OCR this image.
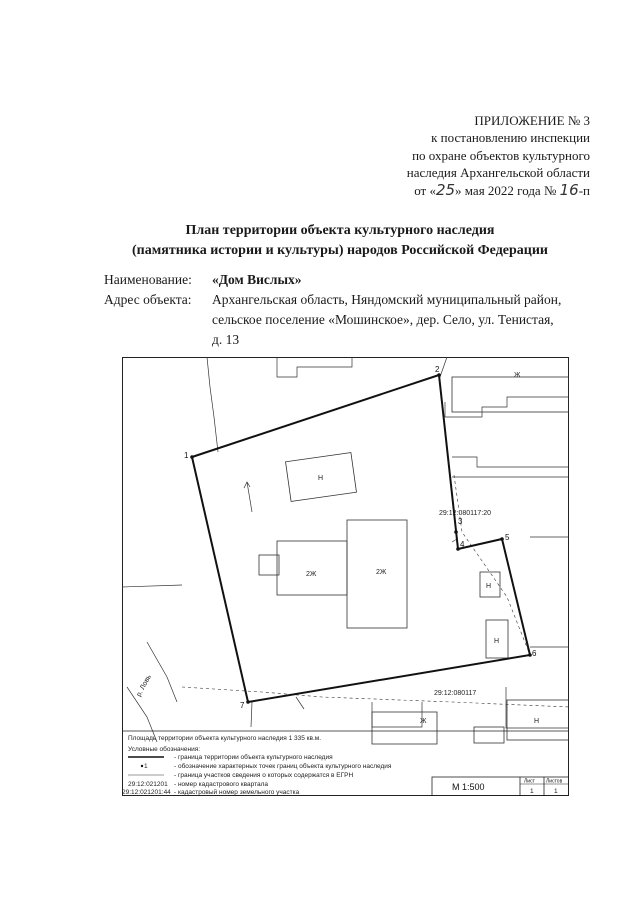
ПРИЛОЖЕНИЕ № 3
к постановлению инспекции
по охране объектов культурного
наследия Архангельской области
от «25» мая 2022 года № 16-п
План территории объекта культурного наследия
(памятника истории и культуры) народов Российской Федерации
Наименование: «Дом Вислых»
Адрес объекта: Архангельская область, Няндомский муниципальный район,
сельское поселение «Мошинское», дер. Село, ул. Тенистая,
д. 13
Н
2Ж	2Ж
Н
Н
Ж
Ж	Н
1
2
3
4
5
6
7
29:12:080117:20
29:12:080117
р. Ловь
Площадь территории объекта культурного наследия 1 335 кв.м.
Условные обозначения:
- граница территории объекта культурного наследия
1	- обозначение характерных точек границ объекта культурного наследия
- граница участков сведения о которых содержатся в ЕГРН
29:12:021201 - номер кадастрового квартала
29:12:021201:44 - кадастровый номер земельного участка
М 1:500
Лист Листов
1	1
